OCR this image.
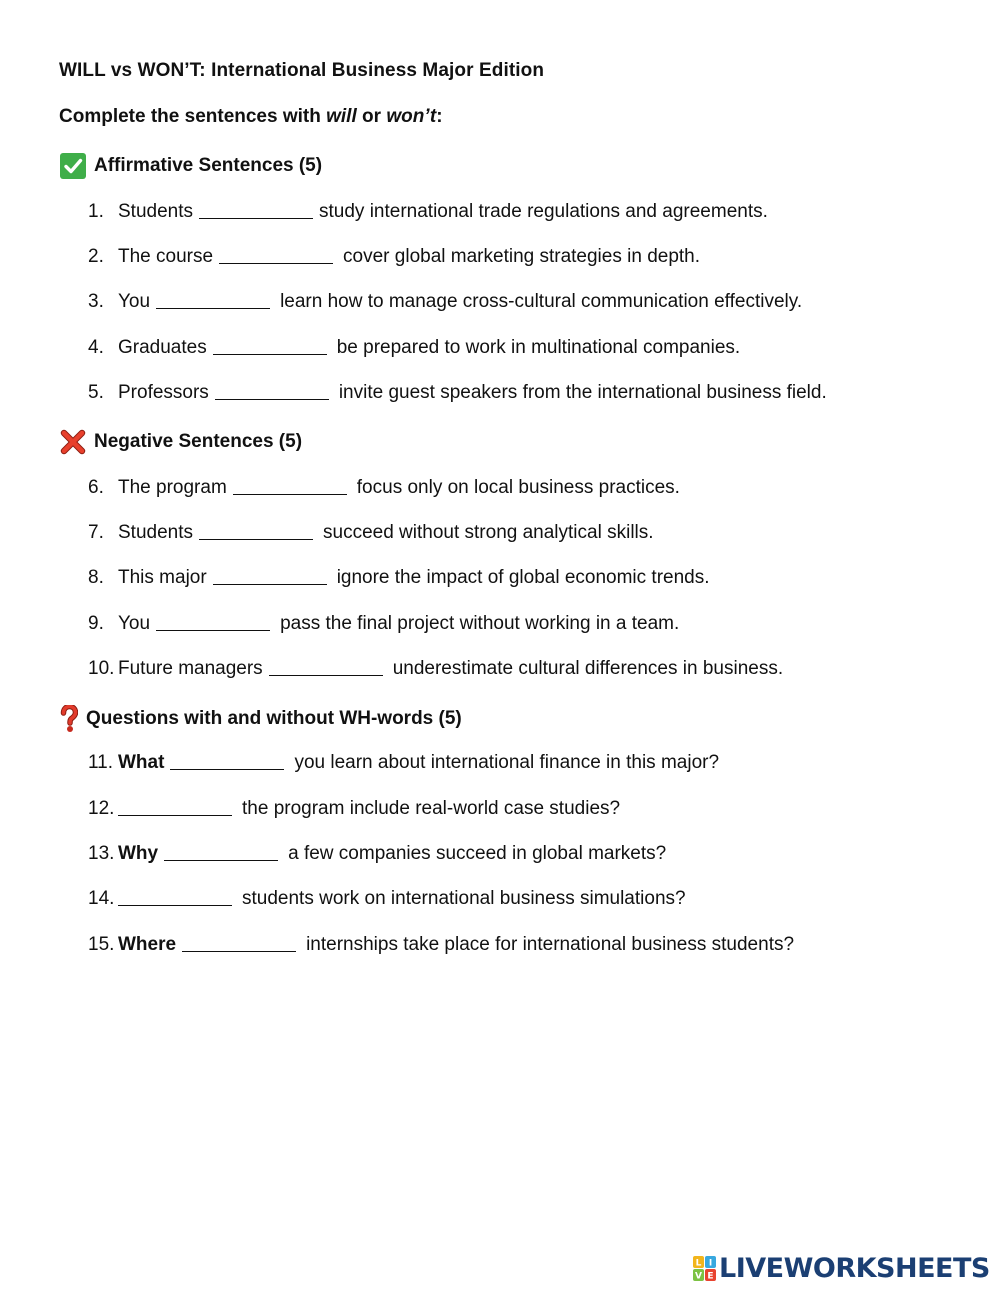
WILL vs WON’T: International Business Major Edition
Complete the sentences with will or won’t:
Affirmative Sentences (5)
1. Students	study international trade regulations and agreements.
2. The course	cover global marketing strategies in depth.
3. You	learn how to manage cross-cultural communication effectively.
4. Graduates	be prepared to work in multinational companies.
5. Professors	invite guest speakers from the international business field.
Negative Sentences (5)
6. The program	focus only on local business practices.
7. Students	succeed without strong analytical skills.
8. This major	ignore the impact of global economic trends.
9. You	pass the final project without working in a team.
10. Future managers	underestimate cultural differences in business.
Questions with and without WH-words (5)
11. What	you learn about international finance in this major?
12.	the program include real-world case studies?
13. Why	a few companies succeed in global markets?
14.	students work on international business simulations?
15. Where	internships take place for international business students?
L I
V E LIVEWORKSHEETS
